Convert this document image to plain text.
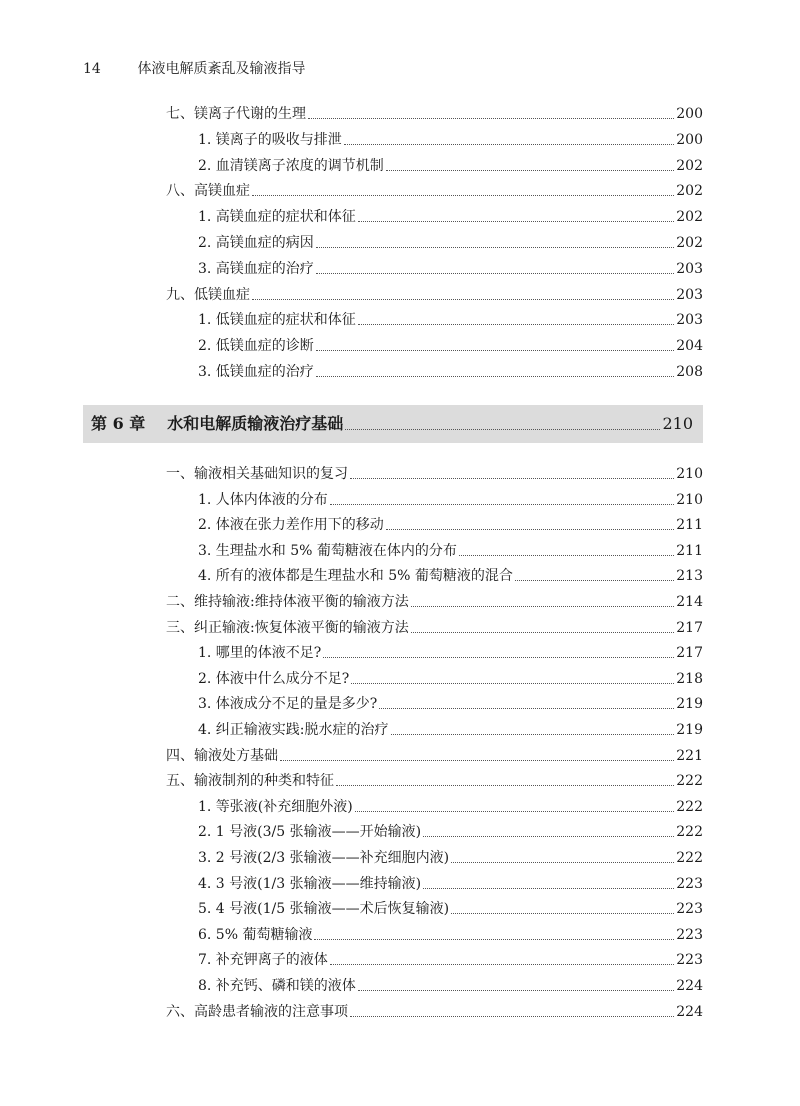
14	体液电解质紊乱及输液指导
七、镁离子代谢的生理	200
1. 镁离子的吸收与排泄	200
2. 血清镁离子浓度的调节机制	202
八、高镁血症	202
1. 高镁血症的症状和体征	202
2. 高镁血症的病因	202
3. 高镁血症的治疗	203
九、低镁血症	203
1. 低镁血症的症状和体征	203
2. 低镁血症的诊断	204
3. 低镁血症的治疗	208
第 6 章 水和电解质输液治疗基础	210
一、输液相关基础知识的复习	210
1. 人体内体液的分布	210
2. 体液在张力差作用下的移动	211
3. 生理盐水和 5% 葡萄糖液在体内的分布	211
4. 所有的液体都是生理盐水和 5% 葡萄糖液的混合	213
二、维持输液:维持体液平衡的输液方法	214
三、纠正输液:恢复体液平衡的输液方法	217
1. 哪里的体液不足?	217
2. 体液中什么成分不足?	218
3. 体液成分不足的量是多少?	219
4. 纠正输液实践:脱水症的治疗	219
四、输液处方基础	221
五、输液制剂的种类和特征	222
1. 等张液(补充细胞外液)	222
2. 1 号液(3/5 张输液——开始输液)	222
3. 2 号液(2/3 张输液——补充细胞内液)	222
4. 3 号液(1/3 张输液——维持输液)	223
5. 4 号液(1/5 张输液——术后恢复输液)	223
6. 5% 葡萄糖输液	223
7. 补充钾离子的液体	223
8. 补充钙、磷和镁的液体	224
六、高龄患者输液的注意事项	224
